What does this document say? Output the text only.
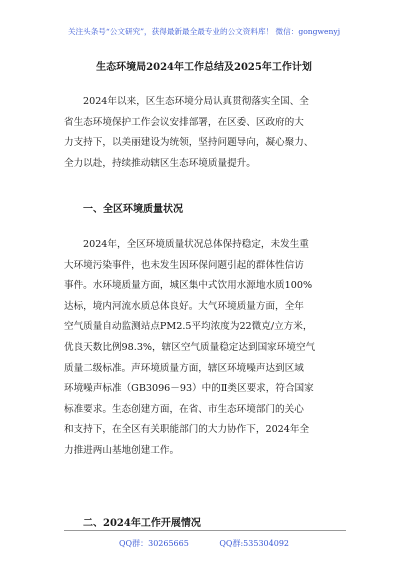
关注头条号“公文研究”，获得最新最全最专业的公文资料库！ 微信：gongwenyj
生态环境局2024年工作总结及2025年工作计划

2024年以来，区生态环境分局认真贯彻落实全国、全
省生态环境保护工作会议安排部署，在区委、区政府的大
力支持下，以美丽建设为统领，坚持问题导向，凝心聚力、
全力以赴，持续推动辖区生态环境质量提升。

一、全区环境质量状况

2024年，全区环境质量状况总体保持稳定，未发生重
大环境污染事件，也未发生因环保问题引起的群体性信访
事件。水环境质量方面，城区集中式饮用水源地水质100%
达标，境内河流水质总体良好。大气环境质量方面，全年
空气质量自动监测站点PM2.5平均浓度为22微克/立方米，
优良天数比例98.3%，辖区空气质量稳定达到国家环境空气
质量二级标准。声环境质量方面，辖区环境噪声达到区域
环境噪声标准（GB3096－93）中的Ⅱ类区要求，符合国家
标准要求。生态创建方面，在省、市生态环境部门的关心
和支持下，在全区有关职能部门的大力协作下，2024年全
力推进两山基地创建工作。

二、2024年工作开展情况
QQ群：30265665	QQ群:535304092
